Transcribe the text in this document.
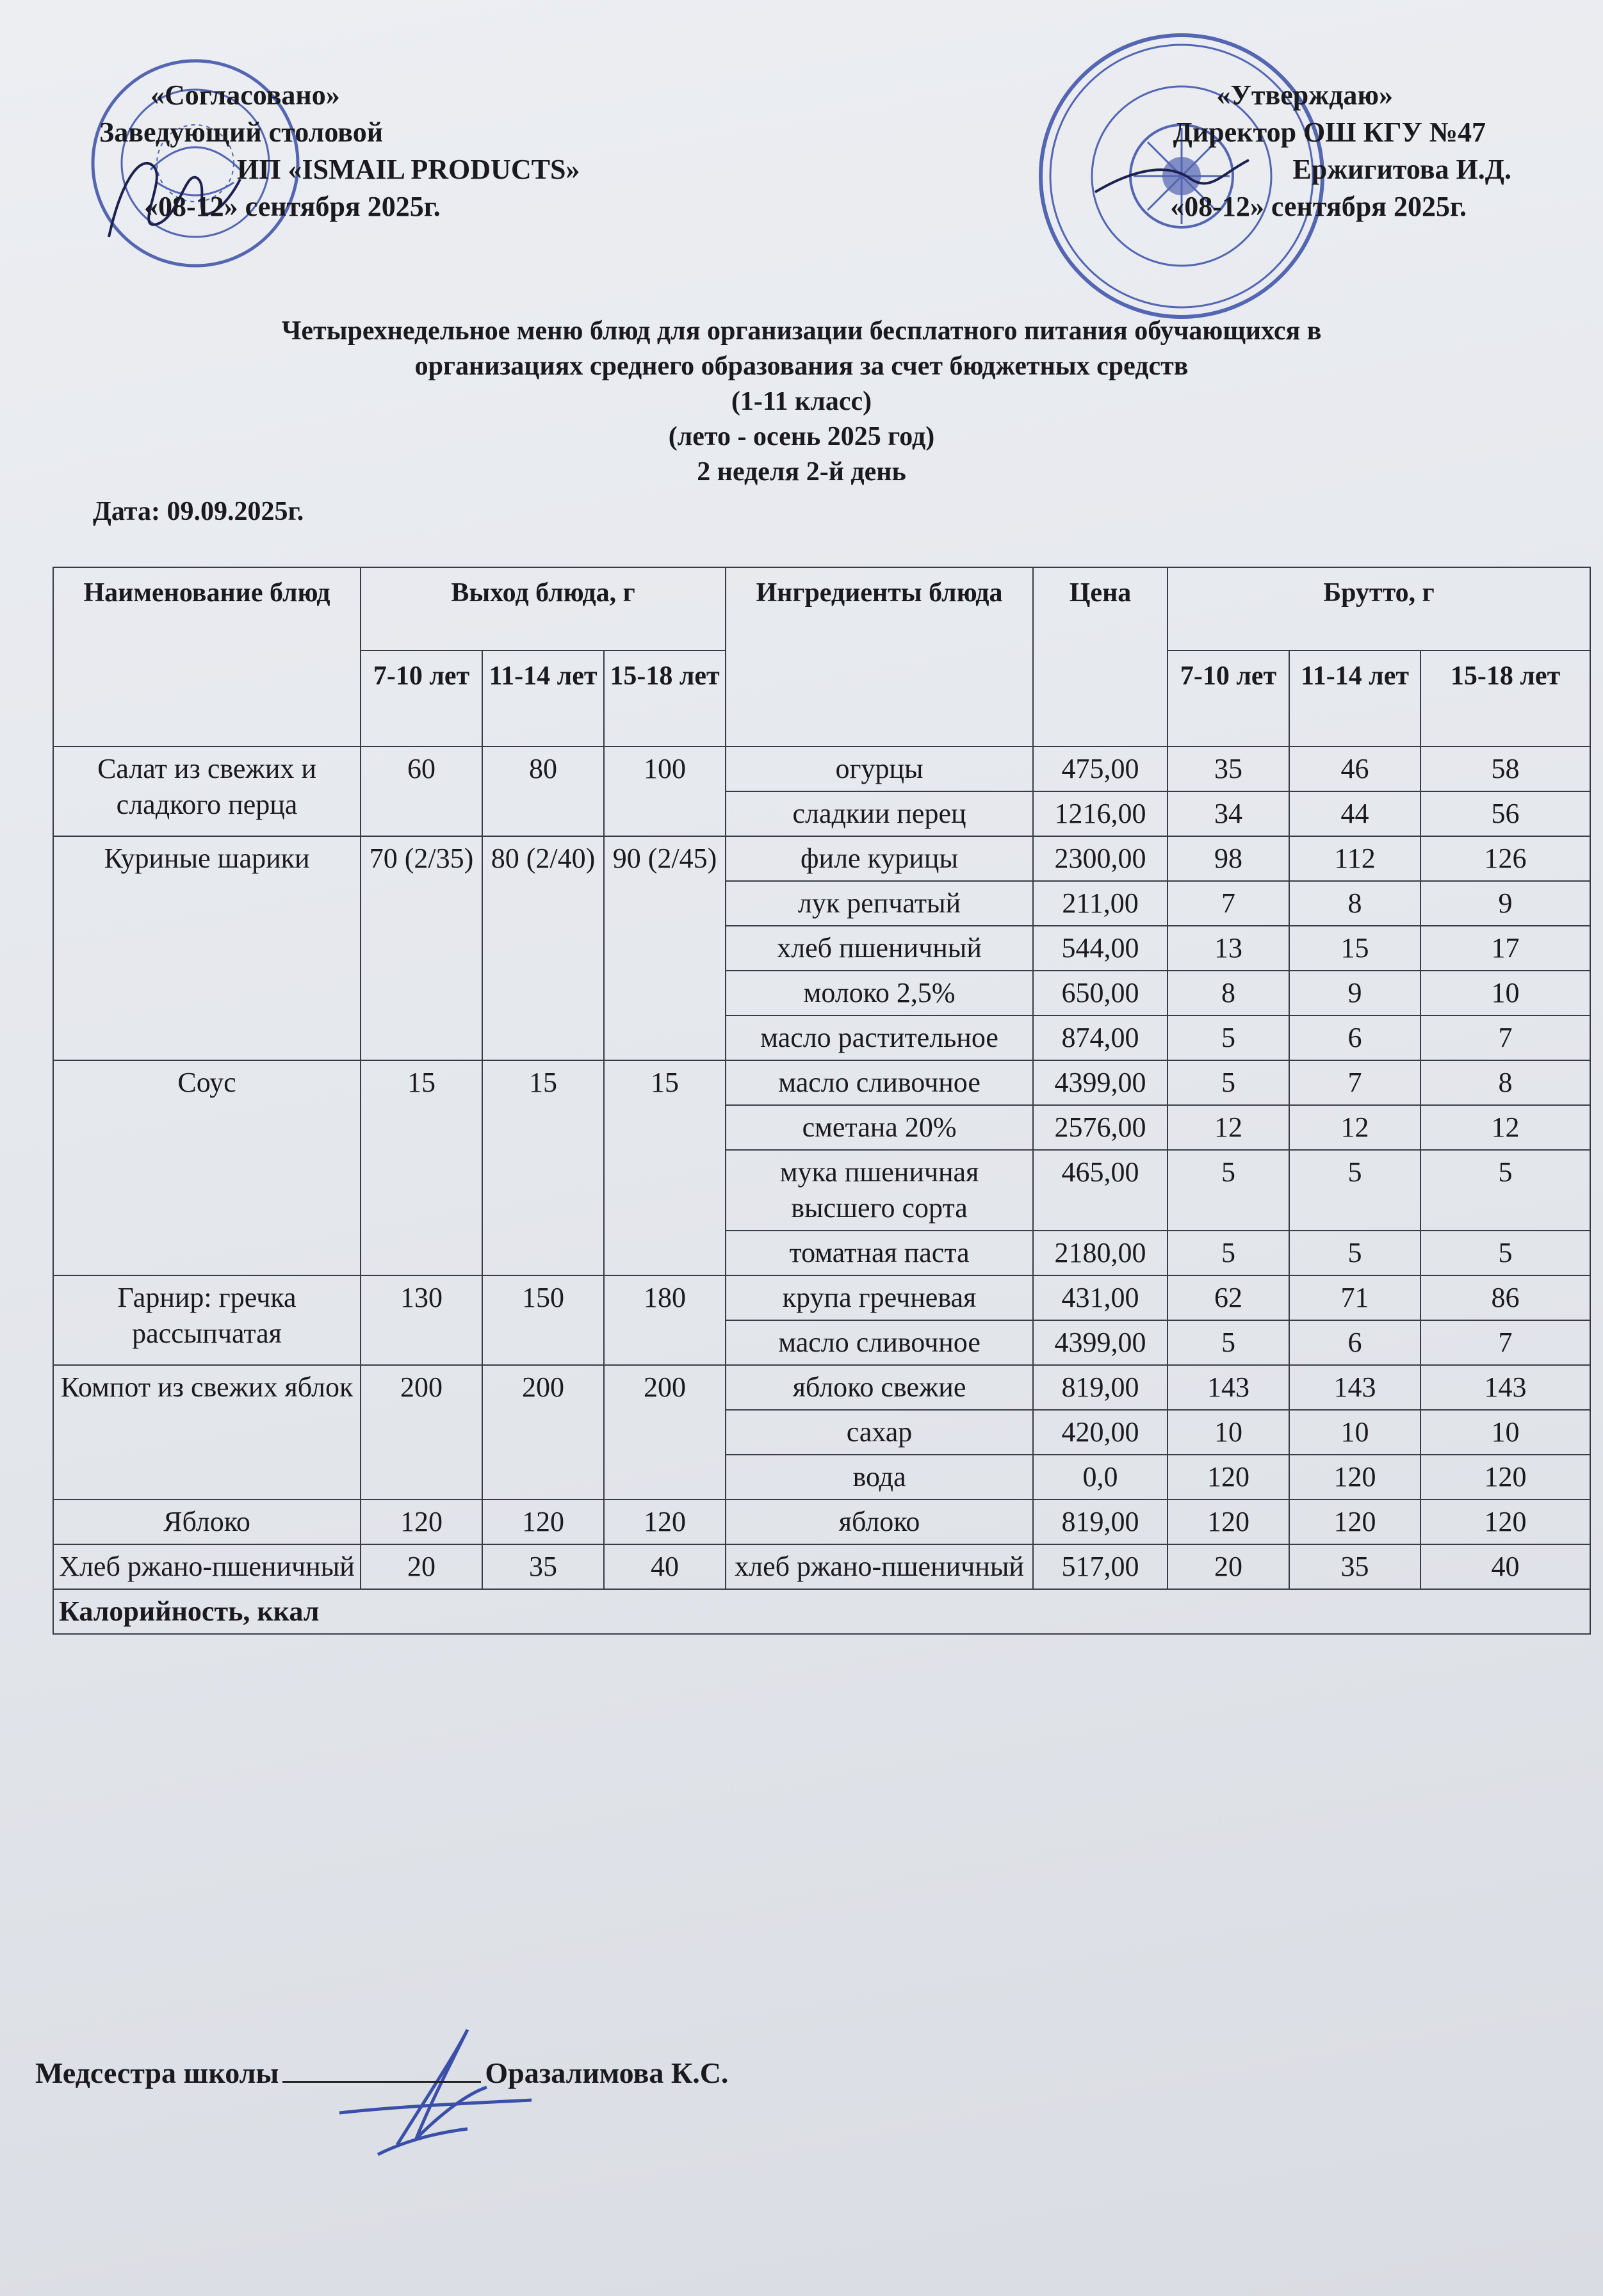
«Согласовано»
Заведующий столовой
ИП «ISMAIL PRODUCTS»
«08-12» сентября 2025г.
«Утверждаю»
Директор ОШ КГУ №47
Ержигитова И.Д.
«08-12» сентября 2025г.
Четырехнедельное меню блюд для организации бесплатного питания обучающихся в
организациях среднего образования за счет бюджетных средств
(1-11 класс)
(лето - осень 2025 год)
2 неделя 2-й день
Дата: 09.09.2025г.
Наименование блюд	Выход блюда, г			Ингредиенты блюда	Цена	Брутто, г		
	7-10 лет	11-14 лет	15-18 лет			7-10 лет	11-14 лет	15-18 лет
Салат из свежих и сладкого перца	60	80	100	огурцы	475,00	35	46	58
				сладкии перец	1216,00	34	44	56
Куриные шарики	70 (2/35)	80 (2/40)	90 (2/45)	филе курицы	2300,00	98	112	126
				лук репчатый	211,00	7	8	9
				хлеб пшеничный	544,00	13	15	17
				молоко 2,5%	650,00	8	9	10
				масло растительное	874,00	5	6	7
Соус	15	15	15	масло сливочное	4399,00	5	7	8
				сметана 20%	2576,00	12	12	12
				мука пшеничная высшего сорта	465,00	5	5	5
				томатная паста	2180,00	5	5	5
Гарнир: гречка рассыпчатая	130	150	180	крупа гречневая	431,00	62	71	86
				масло сливочное	4399,00	5	6	7
Компот из свежих яблок	200	200	200	яблоко свежие	819,00	143	143	143
				сахар	420,00	10	10	10
				вода	0,0	120	120	120
Яблоко	120	120	120	яблоко	819,00	120	120	120
Хлеб ржано-пшеничный	20	35	40	хлеб ржано-пшеничный	517,00	20	35	40
Калорийность, ккал								
Медсестра школы	Оразалимова К.С.
